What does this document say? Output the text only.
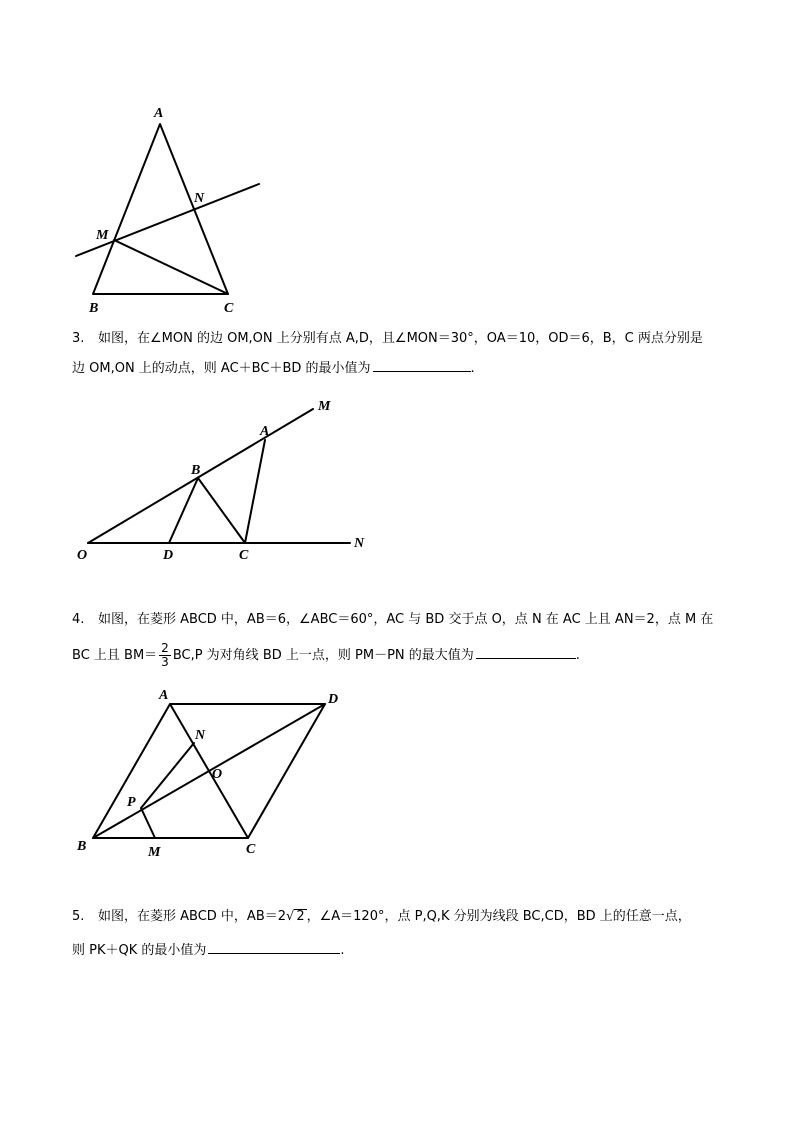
A
N
M
B	C
3. 如图，在∠MON 的边 OM,ON 上分别有点 A,D，且∠MON＝30°，OA＝10，OD＝6，B，C 两点分别是
边 OM,ON 上的动点，则 AC＋BC＋BD 的最小值为	.
M
A
B
O	D	C
N
4. 如图，在菱形 ABCD 中，AB＝6，∠ABC＝60°，AC 与 BD 交于点 O，点 N 在 AC 上且 AN＝2，点 M 在
BC 上且 $BM= \frac{2}{3} BC,P$ 为对角线 BD 上一点，则 PM－PN 的最大值为	.
A	D
N
O
P
B	M	C
5. 如图，在菱形 ABCD 中，AB＝2√ 2 ，∠A＝120°，点 P,Q,K 分别为线段 BC,CD，BD 上的任意一点，
则 PK＋QK 的最小值为	.
